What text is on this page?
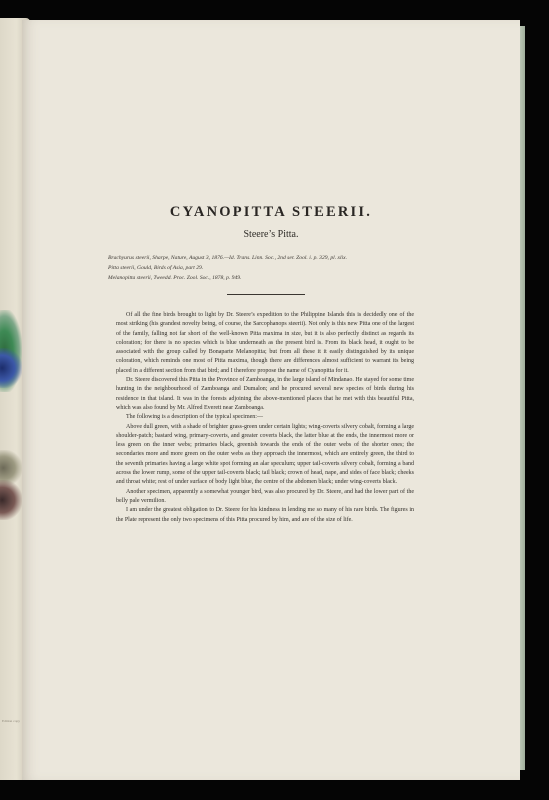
CYANOPITTA STEERII.
Steere’s Pitta.
Brachyurus steerii, Sharpe, Nature, August 3, 1876.—Id. Trans. Linn. Soc., 2nd ser. Zool. i. p. 329, pl. xlix.
Pitta steerii, Gould, Birds of Asia, part 29.
Melanopitta steerii, Tweedd. Proc. Zool. Soc., 1878, p. 949.

Of all the fine birds brought to light by Dr. Steere’s expedition to the Philippine Islands this is decidedly one of the most striking (his grandest novelty being, of course, the Sarcophanops steerii). Not only is this new Pitta one of the largest of the family, falling not far short of the well-known Pitta maxima in size, but it is also perfectly distinct as regards its coloration; for there is no species which is blue underneath as the present bird is. From its black head, it ought to be associated with the group called by Bonaparte Melanopitta; but from all these it it easily distinguished by its unique coloration, which reminds one most of Pitta maxima, though there are differences almost sufficient to warrant its being placed in a different section from that bird; and I therefore propose the name of Cyanopitta for it.

Dr. Steere discovered this Pitta in the Province of Zamboanga, in the large island of Mindanao. He stayed for some time hunting in the neighbourhood of Zamboanga and Dumalon; and he procured several new species of birds during his residence in that island. It was in the forests adjoining the above-mentioned places that he met with this beautiful Pitta, which was also found by Mr. Alfred Everett near Zamboanga.

The following is a description of the typical specimen:—

Above dull green, with a shade of brighter grass-green under certain lights; wing-coverts silvery cobalt, forming a large shoulder-patch; bastard wing, primary-coverts, and greater coverts black, the latter blue at the ends, the innermost more or less green on the inner webs; primaries black, greenish towards the ends of the outer webs of the shorter ones; the secondaries more and more green on the outer webs as they approach the innermost, which are entirely green, the third to the seventh primaries having a large white spot forming an alar speculum; upper tail-coverts silvery cobalt, forming a band across the lower rump, some of the upper tail-coverts black; tail black; crown of head, nape, and sides of face black; cheeks and throat white; rest of under surface of body light blue, the centre of the abdomen black; under wing-coverts black.

Another specimen, apparently a somewhat younger bird, was also procured by Dr. Steere, and had the lower part of the belly pale vermilion.

I am under the greatest obligation to Dr. Steere for his kindness in lending me so many of his rare birds. The figures in the Plate represent the only two specimens of this Pitta procured by him, and are of the size of life.

Edition copy
